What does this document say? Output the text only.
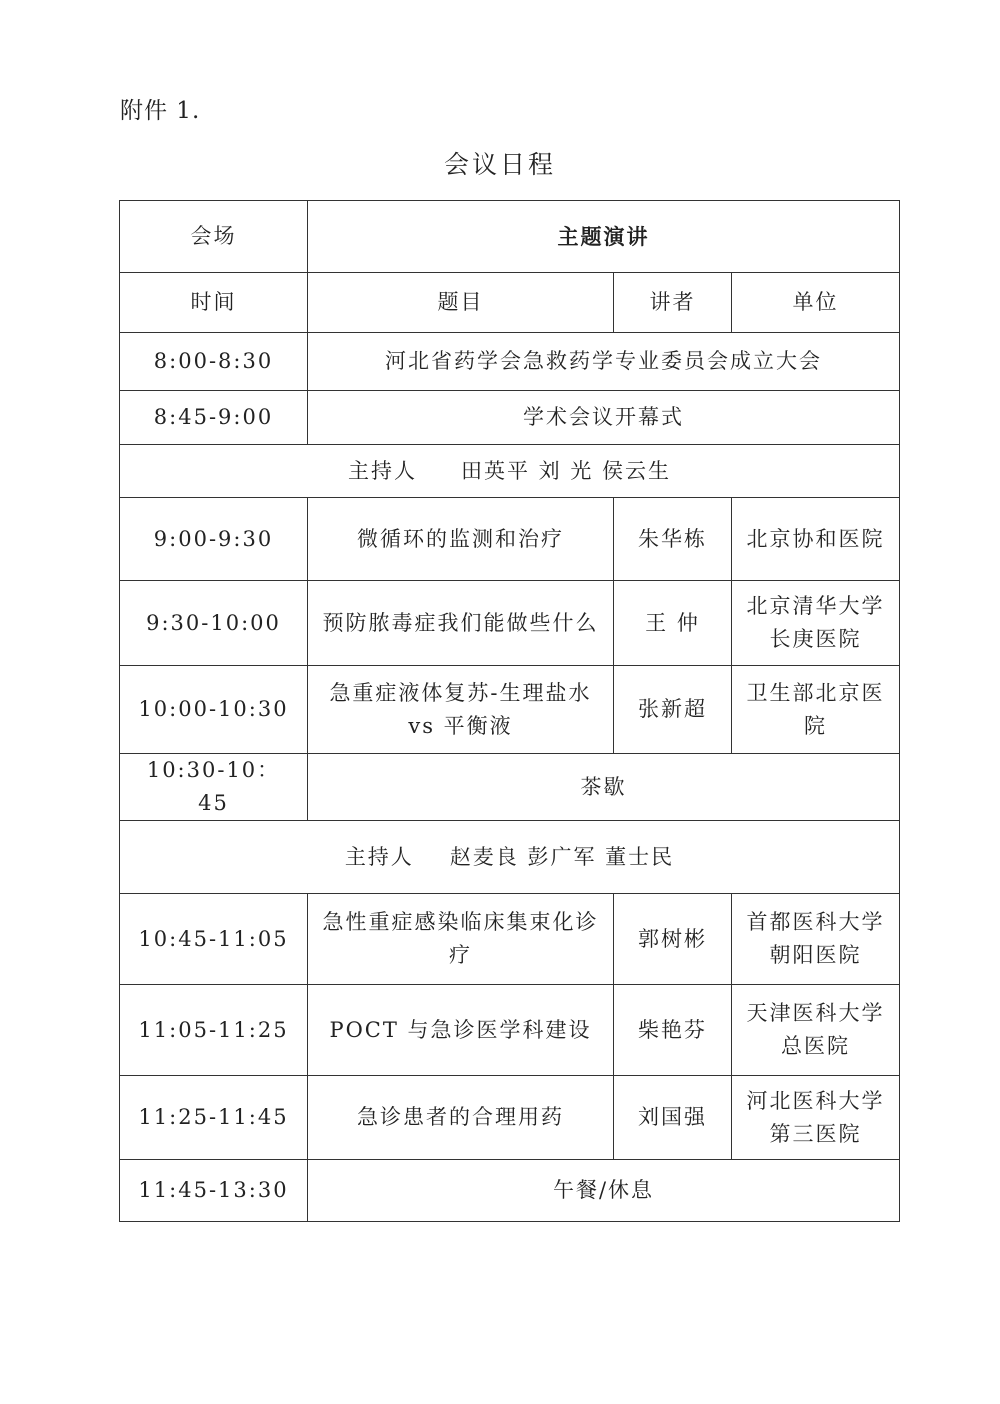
附件 1.
会议日程
会场	主题演讲		
时间	题目	讲者	单位
8:00-8:30	河北省药学会急救药学专业委员会成立大会		
8:45-9:00	学术会议开幕式		
主持人 田英平 刘 光 侯云生			
9:00-9:30	微循环的监测和治疗	朱华栋	北京协和医院
9:30-10:00	预防脓毒症我们能做些什么	王 仲	北京清华大学长庚医院
10:00-10:30	急重症液体复苏-生理盐水 vs 平衡液	张新超	卫生部北京医院
10:30-10：45	茶歇		
主持人 赵麦良 彭广军 董士民			
10:45-11:05	急性重症感染临床集束化诊疗	郭树彬	首都医科大学朝阳医院
11:05-11:25	POCT 与急诊医学科建设	柴艳芬	天津医科大学总医院
11:25-11:45	急诊患者的合理用药	刘国强	河北医科大学第三医院
11:45-13:30	午餐/休息		
